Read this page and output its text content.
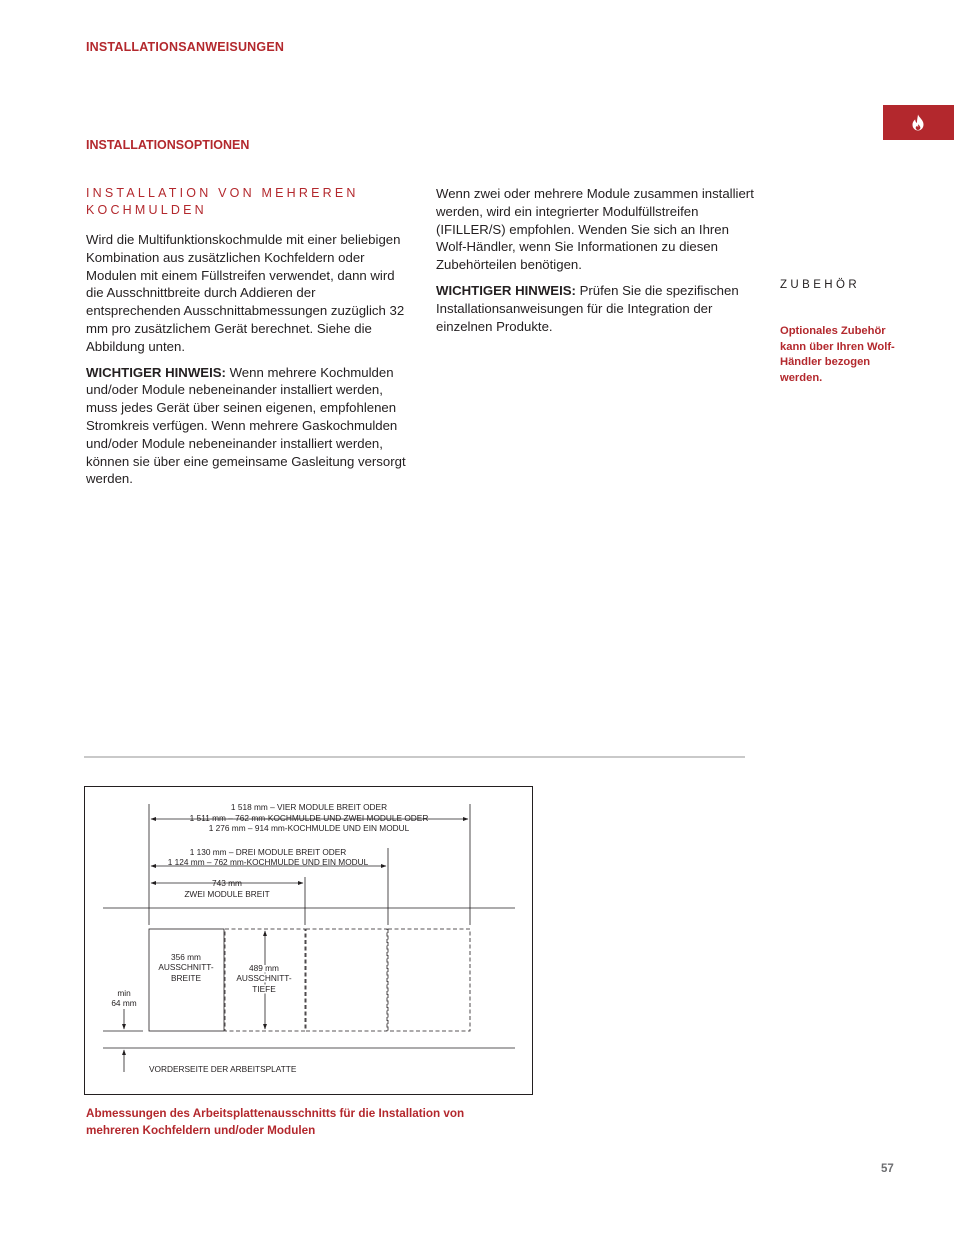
INSTALLATIONSANWEISUNGEN
INSTALLATIONSOPTIONEN
INSTALLATION VON MEHREREN KOCHMULDEN

Wird die Multifunktionskochmulde mit einer beliebigen Kombination aus zusätzlichen Kochfeldern oder Modulen mit einem Füllstreifen verwendet, dann wird die Ausschnittbreite durch Addieren der entsprechenden Ausschnittabmessungen zuzüglich 32 mm pro zusätzlichem Gerät berechnet. Siehe die Abbildung unten.

WICHTIGER HINWEIS: Wenn mehrere Kochmulden und/oder Module nebeneinander installiert werden, muss jedes Gerät über seinen eigenen, empfohlenen Stromkreis verfügen. Wenn mehrere Gaskochmulden und/oder Module nebeneinander installiert werden, können sie über eine gemeinsame Gasleitung versorgt werden.

Wenn zwei oder mehrere Module zusammen installiert werden, wird ein integrierter Modulfüllstreifen (IFILLER/S) empfohlen. Wenden Sie sich an Ihren Wolf-Händler, wenn Sie Informationen zu diesen Zubehörteilen benötigen.

WICHTIGER HINWEIS: Prüfen Sie die spezifischen Installationsanweisungen für die Integration der einzelnen Produkte.

ZUBEHÖR
Optionales Zubehör kann über Ihren Wolf-Händler bezogen werden.
1 518 mm – VIER MODULE BREIT ODER
1 511 mm – 762 mm-KOCHMULDE UND ZWEI MODULE ODER
1 276 mm – 914 mm-KOCHMULDE UND EIN MODUL
1 130 mm – DREI MODULE BREIT ODER
1 124 mm – 762 mm-KOCHMULDE UND EIN MODUL
743 mm
ZWEI MODULE BREIT
356 mm
AUSSCHNITT-
BREITE
489 mm
AUSSCHNITT-
TIEFE
min
64 mm
VORDERSEITE DER ARBEITSPLATTE
Abmessungen des Arbeitsplattenausschnitts für die Installation von mehreren Kochfeldern und/oder Modulen
57
